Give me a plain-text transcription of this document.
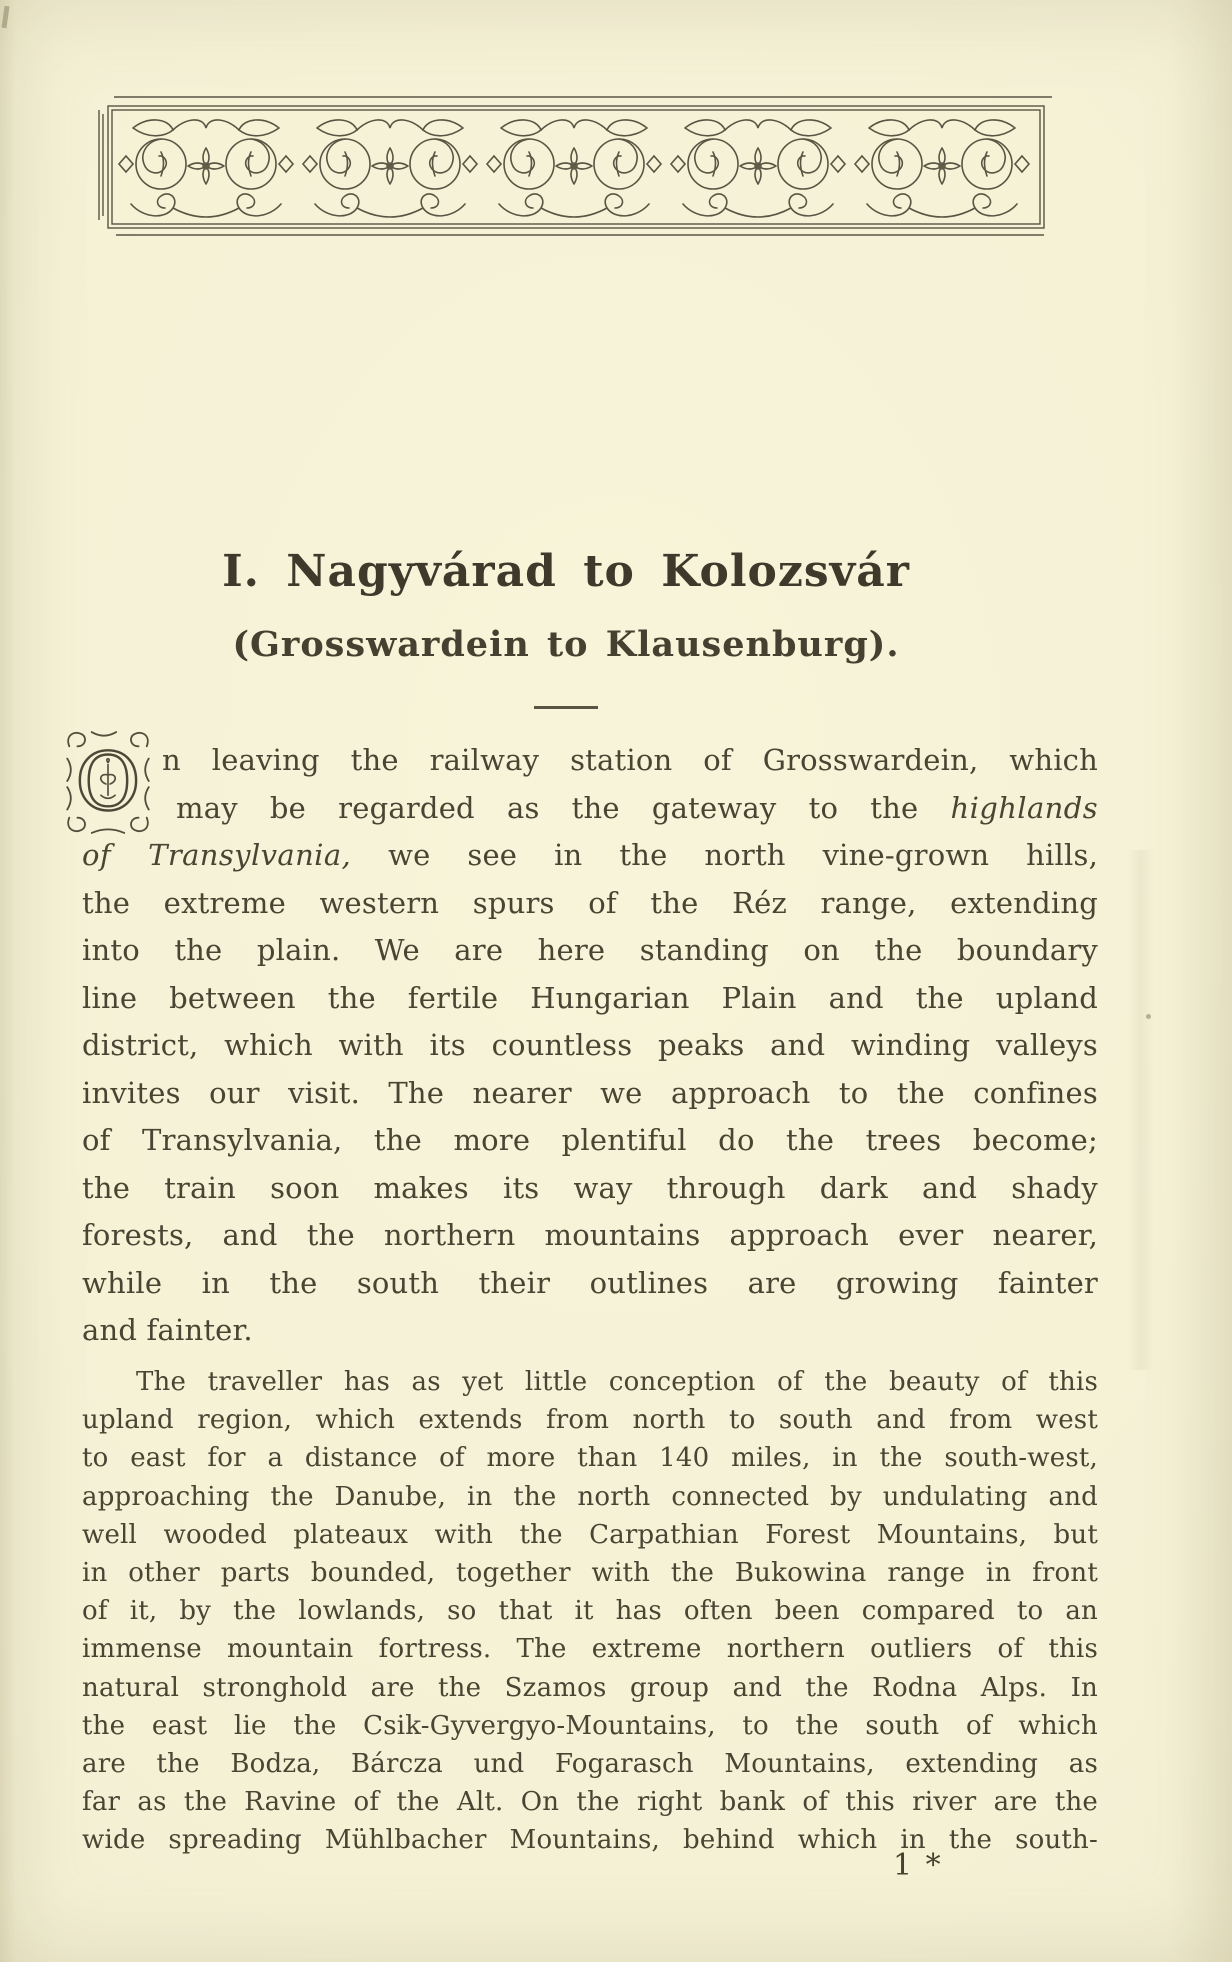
I. Nagyvárad to Kolozsvár
(Grosswardein to Klausenburg).
O n leaving the railway station of Grosswardein, which
may be regarded as the gateway to the highlands
of Transylvania, we see in the north vine-grown hills,
the extreme western spurs of the Réz range, extending
into the plain. We are here standing on the boundary
line between the fertile Hungarian Plain and the upland
district, which with its countless peaks and winding valleys
invites our visit. The nearer we approach to the confines
of Transylvania, the more plentiful do the trees become;
the train soon makes its way through dark and shady
forests, and the northern mountains approach ever nearer,
while in the south their outlines are growing fainter
and fainter.
The traveller has as yet little conception of the beauty of this
upland region, which extends from north to south and from west
to east for a distance of more than 140 miles, in the south-west,
approaching the Danube, in the north connected by undulating and
well wooded plateaux with the Carpathian Forest Mountains, but
in other parts bounded, together with the Bukowina range in front
of it, by the lowlands, so that it has often been compared to an
immense mountain fortress. The extreme northern outliers of this
natural stronghold are the Szamos group and the Rodna Alps. In
the east lie the Csik-Gyvergyo-Mountains, to the south of which
are the Bodza, Bárcza und Fogarasch Mountains, extending as
far as the Ravine of the Alt. On the right bank of this river are the
wide spreading Mühlbacher Mountains, behind which in the south-
1 *
